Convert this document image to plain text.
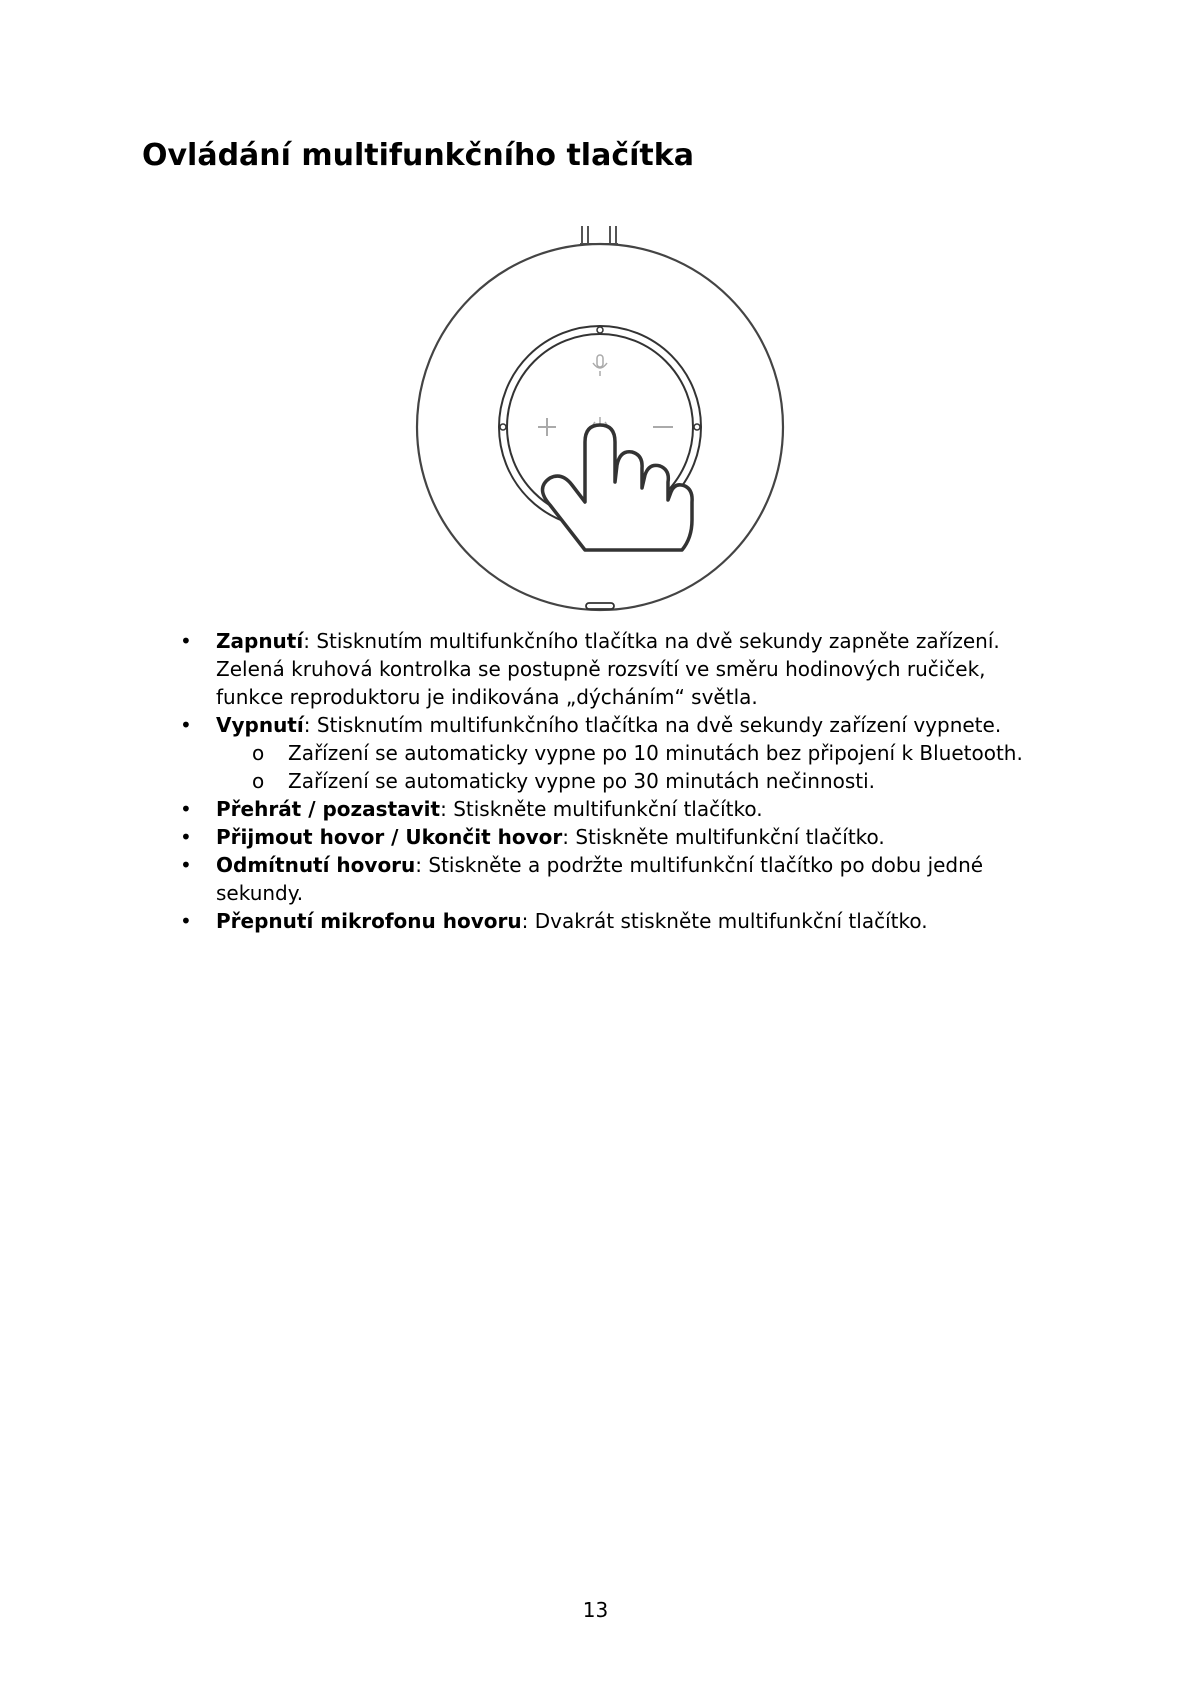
Ovládání multifunkčního tlačítka
• Zapnutí: Stisknutím multifunkčního tlačítka na dvě sekundy zapněte zařízení. Zelená kruhová kontrolka se postupně rozsvítí ve směru hodinových ručiček, funkce reproduktoru je indikována „dýcháním“ světla.
• Vypnutí: Stisknutím multifunkčního tlačítka na dvě sekundy zařízení vypnete.
o Zařízení se automaticky vypne po 10 minutách bez připojení k Bluetooth.
o Zařízení se automaticky vypne po 30 minutách nečinnosti.
• Přehrát / pozastavit: Stiskněte multifunkční tlačítko.
• Přijmout hovor / Ukončit hovor: Stiskněte multifunkční tlačítko.
• Odmítnutí hovoru: Stiskněte a podržte multifunkční tlačítko po dobu jedné sekundy.
• Přepnutí mikrofonu hovoru: Dvakrát stiskněte multifunkční tlačítko.
13
